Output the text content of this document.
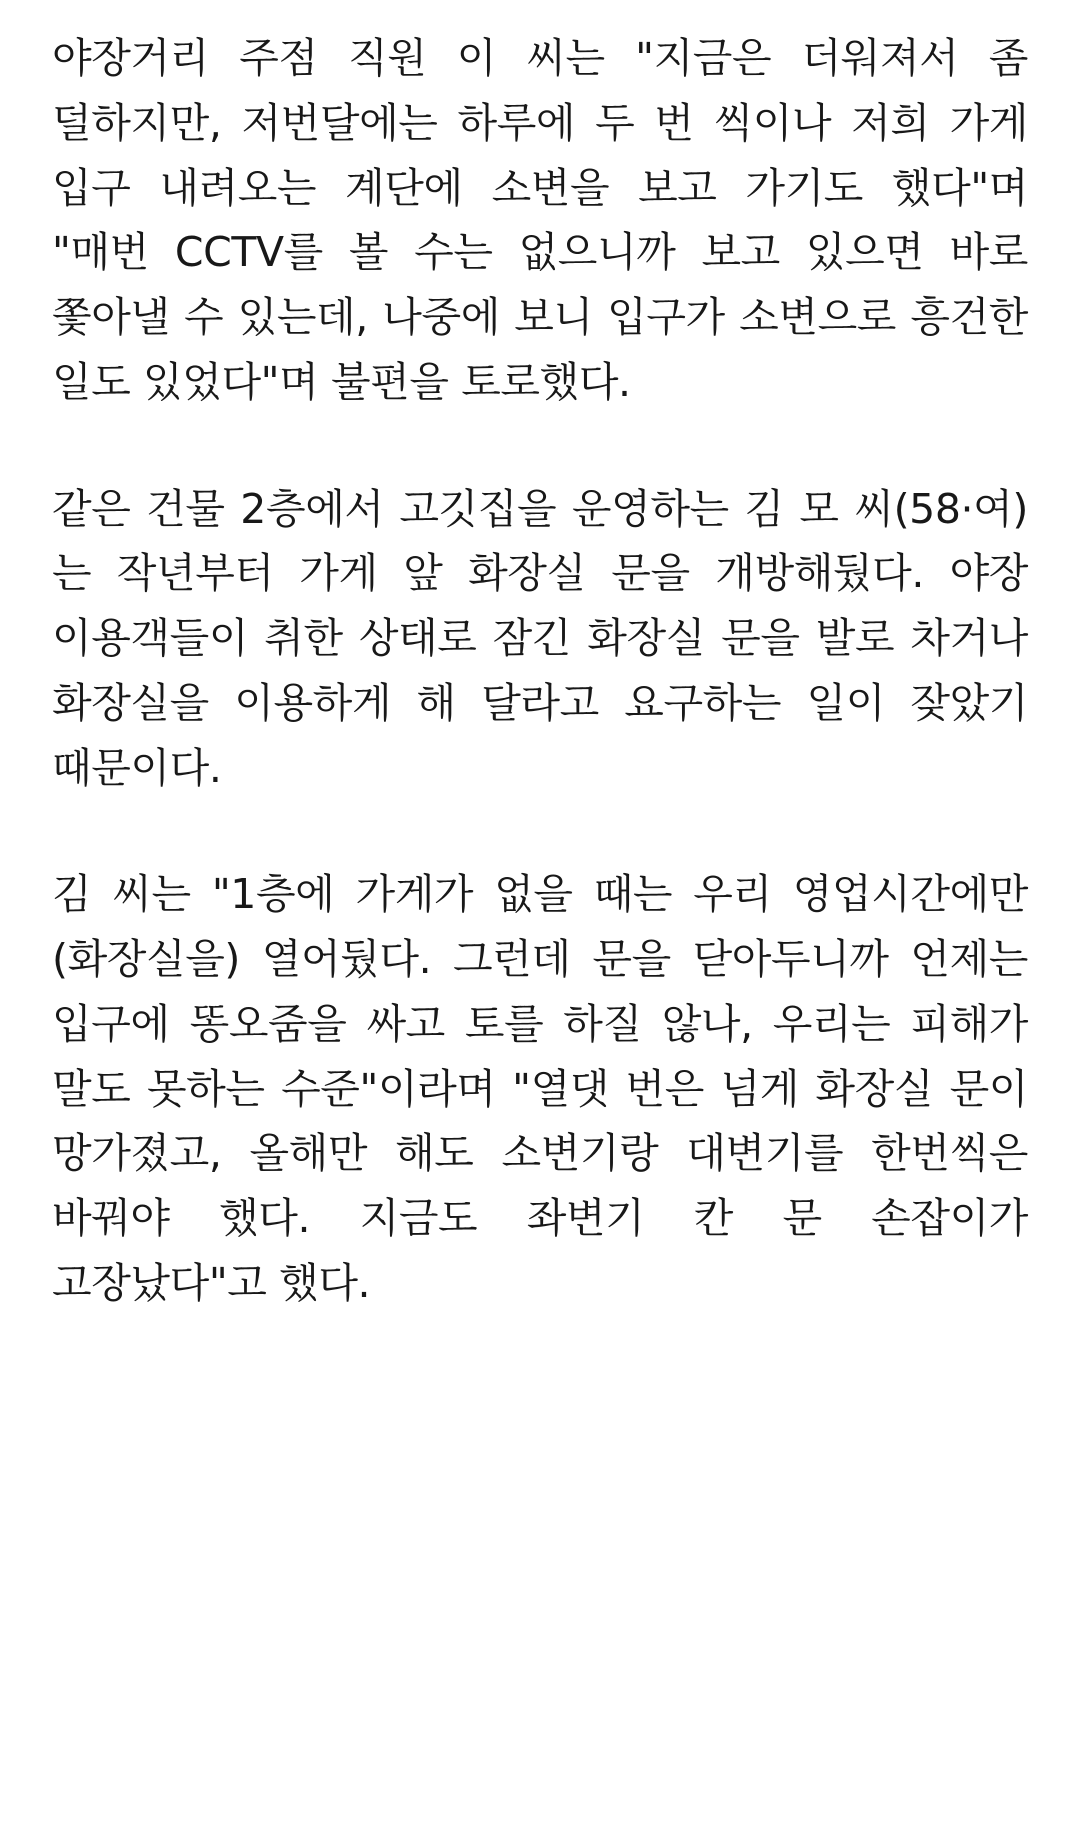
야장거리 주점 직원 이 씨는 "지금은 더워져서 좀 덜하지만, 저번달에는 하루에 두 번 씩이나 저희 가게 입구 내려오는 계단에 소변을 보고 가기도 했다"며 "매번 CCTV를 볼 수는 없으니까 보고 있으면 바로 쫓아낼 수 있는데, 나중에 보니 입구가 소변으로 흥건한 일도 있었다"며 불편을 토로했다.

같은 건물 2층에서 고깃집을 운영하는 김 모 씨(58·여)는 작년부터 가게 앞 화장실 문을 개방해뒀다. 야장 이용객들이 취한 상태로 잠긴 화장실 문을 발로 차거나 화장실을 이용하게 해 달라고 요구하는 일이 잦았기 때문이다.

김 씨는 "1층에 가게가 없을 때는 우리 영업시간에만 (화장실을) 열어뒀다. 그런데 문을 닫아두니까 언제는 입구에 똥오줌을 싸고 토를 하질 않나, 우리는 피해가 말도 못하는 수준"이라며 "열댓 번은 넘게 화장실 문이 망가졌고, 올해만 해도 소변기랑 대변기를 한번씩은 바꿔야 했다. 지금도 좌변기 칸 문 손잡이가 고장났다"고 했다.
